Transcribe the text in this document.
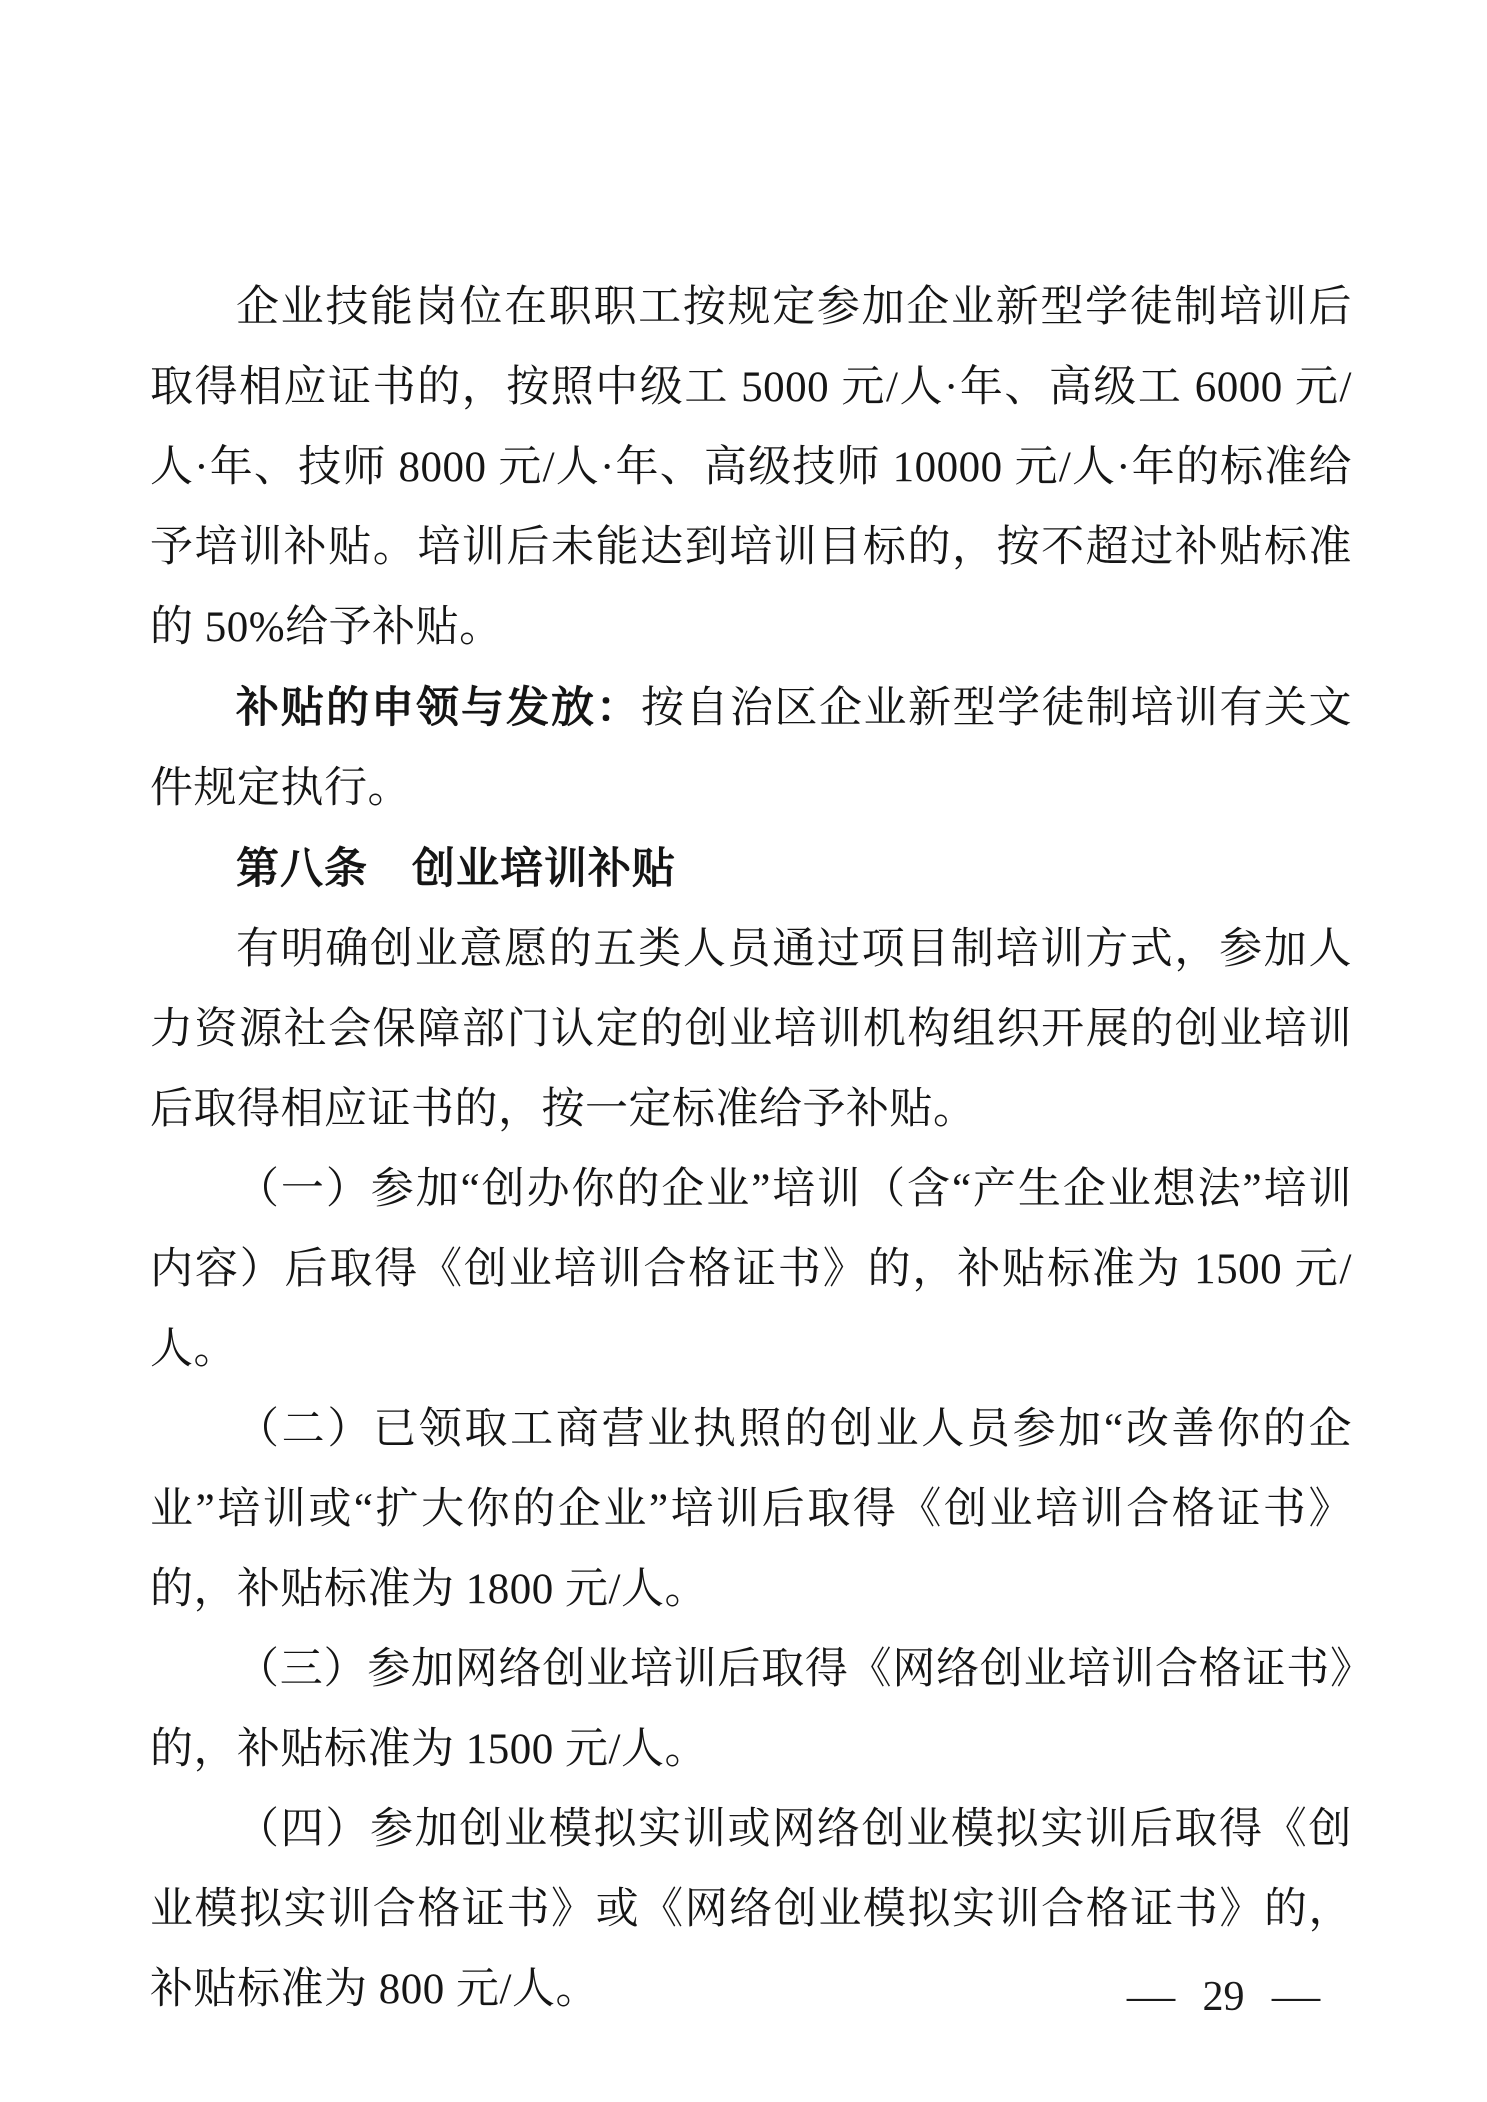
企业技能岗位在职职工按规定参加企业新型学徒制培训后取得相应证书的，按照中级工 5000 元/人·年、高级工 6000 元/人·年、技师 8000 元/人·年、高级技师 10000 元/人·年的标准给予培训补贴。培训后未能达到培训目标的，按不超过补贴标准的 50%给予补贴。

补贴的申领与发放：按自治区企业新型学徒制培训有关文件规定执行。

第八条　创业培训补贴

有明确创业意愿的五类人员通过项目制培训方式，参加人力资源社会保障部门认定的创业培训机构组织开展的创业培训后取得相应证书的，按一定标准给予补贴。

（一）参加“创办你的企业”培训（含“产生企业想法”培训内容）后取得《创业培训合格证书》的，补贴标准为 1500 元/人。

（二）已领取工商营业执照的创业人员参加“改善你的企业”培训或“扩大你的企业”培训后取得《创业培训合格证书》的，补贴标准为 1800 元/人。

（三）参加网络创业培训后取得《网络创业培训合格证书》的，补贴标准为 1500 元/人。

（四）参加创业模拟实训或网络创业模拟实训后取得《创业模拟实训合格证书》或《网络创业模拟实训合格证书》的，补贴标准为 800 元/人。	— 29 —
